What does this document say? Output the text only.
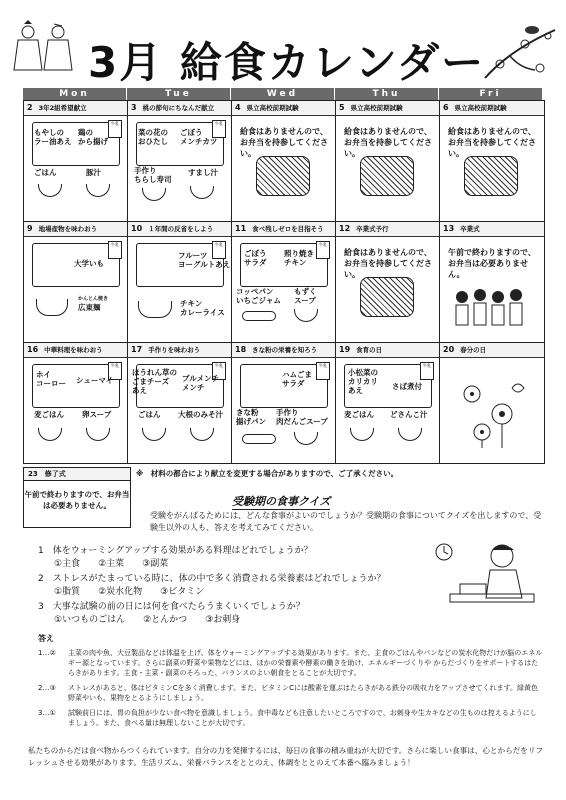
3月 給食カレンダー
Mon	Tue	Wed	Thu	Fri
2 3年2組希望献立
牛乳
もやしの
ラー油あえ
鶏の
から揚げ
ごはん	豚汁
3 桃の節句にちなんだ献立
牛乳
菜の花の
おひたし
ごぼう
メンチカツ
手作り
ちらし寿司
すまし汁
4 県立高校前期試験
給食はありませんので、お弁当を持参してください。
5 県立高校前期試験
給食はありませんので、お弁当を持参してください。
6 県立高校前期試験
給食はありませんので、お弁当を持参してください。
9 地場産物を味わおう
牛乳
大学いも
かんとん焼き
広東麺
10 １年間の反省をしよう
牛乳
フルーツ
ヨーグルトあえ
チキン
カレーライス
11 食べ残しゼロを目指そう
牛乳
ごぼう
サラダ
照り焼き
チキン
コッペパン
いちごジャム
もずく
スープ
12 卒業式予行
給食はありませんので、お弁当を持参してください。
13 卒業式
午前で終わりますので、お弁当は必要ありません。
16 中華料理を味わおう
牛乳
ホイ
コーロー シューマイ
麦ごはん 卵スープ
17 手作りを味わおう
牛乳
ほうれん草の
ごまチーズ
あえ
ブルメンチ
メンチ
ごはん 大根のみそ汁
18 きな粉の栄養を知ろう
牛乳
ハムごま
サラダ
きな粉
揚げパン
手作り
肉だんごスープ
19 食育の日
牛乳
小松菜の
カリカリ
あえ	さば煮付
麦ごはん どさんこ汁
20 春分の日
23　 修了式
午前で終わりますので、お弁当は必要ありません。
※　材料の都合により献立を変更する場合がありますので、ご了承ください。
受験期の食事クイズ
受験をがんばるためには、どんな食事がよいのでしょうか？受験期の食事についてクイズを出しますので、受験生以外の人も、答えを考えてみてください。
1　体をウォーミングアップする効果がある料理はどれでしょうか？
①主食　　②主菜　　③副菜
2　ストレスがたまっている時に、体の中で多く消費される栄養素はどれでしょうか？
①脂質　　②炭水化物　　③ビタミン
3　大事な試験の前の日には何を食べたらうまくいくでしょうか？
①いつものごはん　　②とんかつ　　③お刺身
答え
1…②	主菜の肉や魚、大豆製品などは体温を上げ、体をウォーミングアップする効果があります。また、主食のごはんやパンなどの炭水化物だけが脳のエネルギー源となっています。さらに副菜の野菜や果物などには、ほかの栄養素や酵素の働きを助け、エネルギーづくりや からだづくりをサポートするはたらきがあります。主食・主菜・副菜のそろった、バランスのよい朝食をとることが大切です。
2…③	ストレスがあると、体はビタミンCを多く消費します。また、ビタミンCには酸素を運ぶはたらきがある鉄分の吸収力をアップさせてくれます。緑黄色野菜やいも、果物をとるようにしましょう。
3…①	試験前日には、胃の負担が少ない食べ物を意識しましょう。食中毒なども注意したいところですので、お刺身や生カキなどの生ものは控えるようにしましょう。また、食べる量は無理しないことが大切です。
私たちのからだは食べ物からつくられています。自分の力を発揮するには、毎日の食事の積み重ねが大切です。さらに楽しい食事は、心とからだをリフレッシュさせる効果があります。生活リズム、栄養バランスをととのえ、体調をととのえて本番へ臨みましょう！
